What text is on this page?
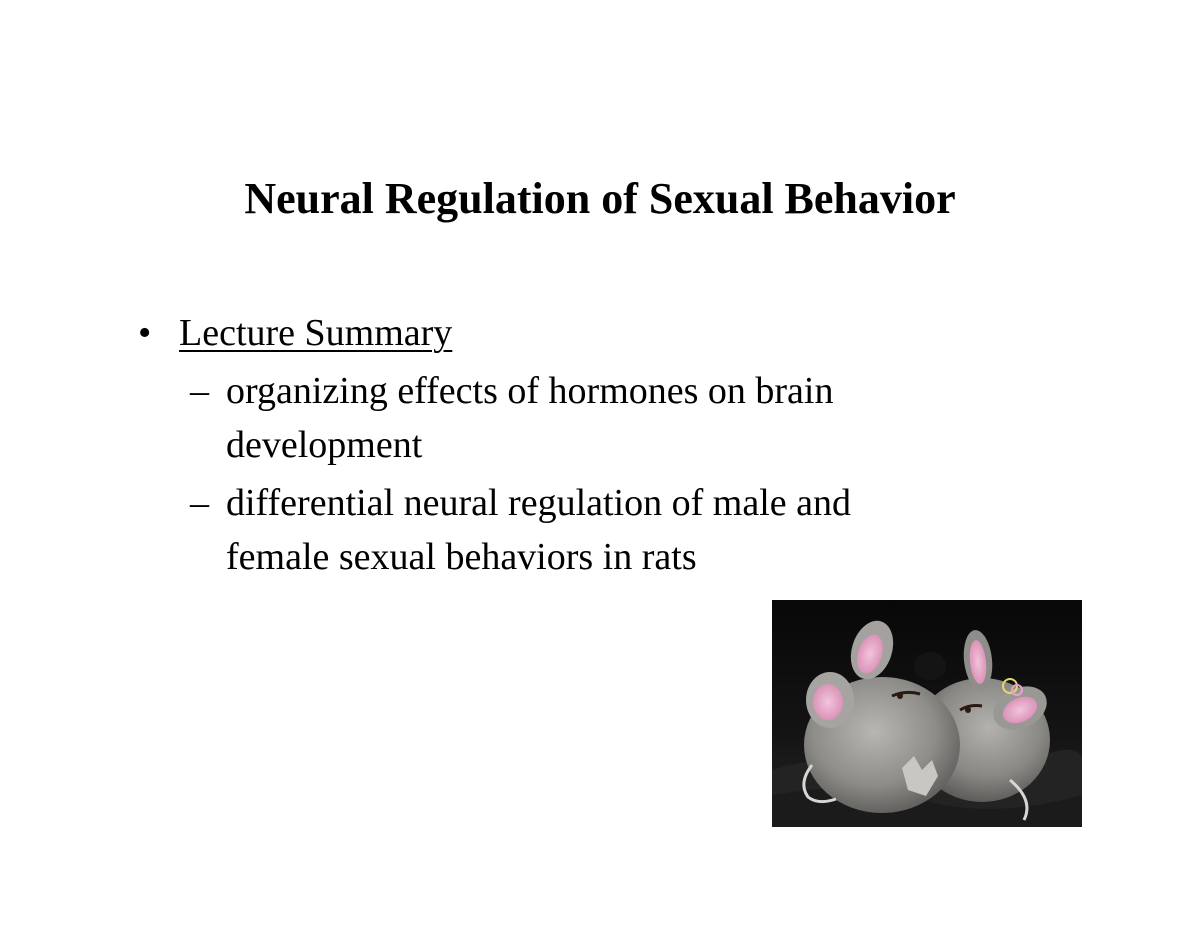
Neural Regulation of Sexual Behavior
• Lecture Summary
– organizing effects of hormones on brain development
– differential neural regulation of male and female sexual behaviors in rats
